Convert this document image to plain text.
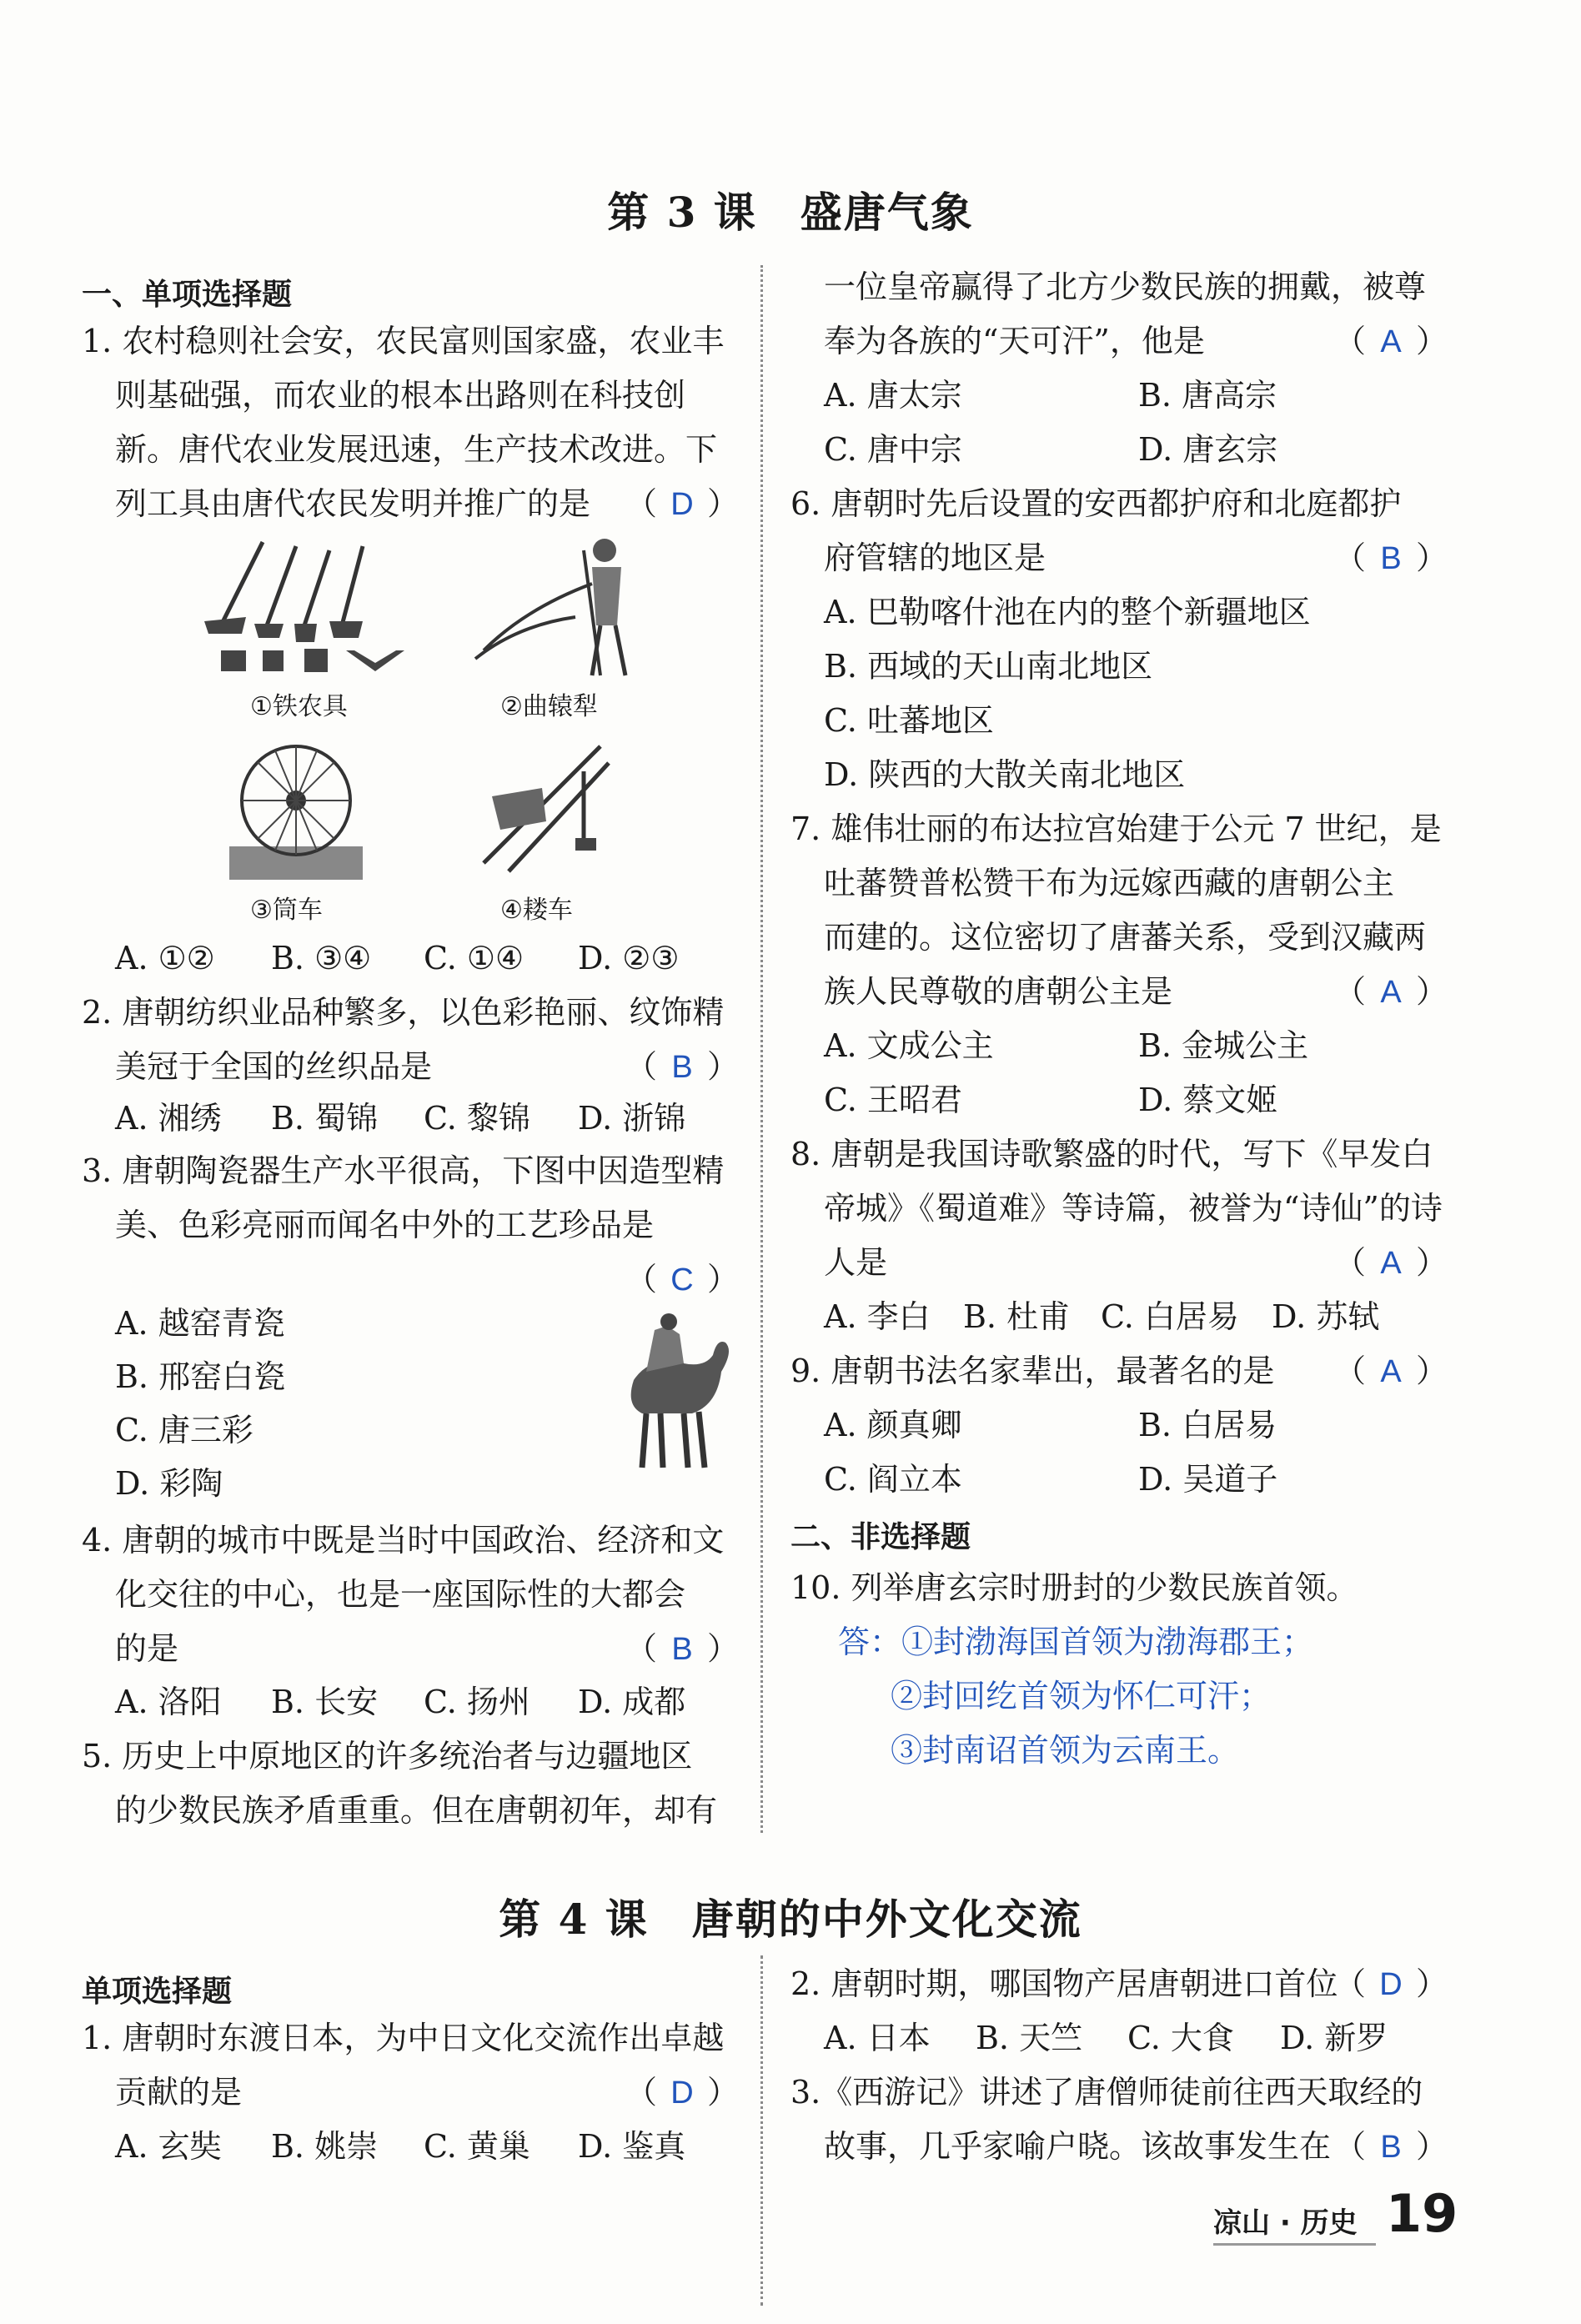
第 3 课　盛唐气象
一、单项选择题
1. 农村稳则社会安，农民富则国家盛，农业丰
则基础强，而农业的根本出路则在科技创
新。唐代农业发展迅速，生产技术改进。下
列工具由唐代农民发明并推广的是 （ D ）
①铁农具	②曲辕犁
③筒车	④耧车
A. ①② B. ③④ C. ①④ D. ②③
2. 唐朝纺织业品种繁多，以色彩艳丽、纹饰精
美冠于全国的丝织品是	（ B ）
A. 湘绣 B. 蜀锦 C. 黎锦 D. 浙锦
3. 唐朝陶瓷器生产水平很高，下图中因造型精
美、色彩亮丽而闻名中外的工艺珍品是
（ C ）
A. 越窑青瓷
B. 邢窑白瓷
C. 唐三彩
D. 彩陶
4. 唐朝的城市中既是当时中国政治、经济和文
化交往的中心，也是一座国际性的大都会
的是	（ B ）
A. 洛阳 B. 长安 C. 扬州 D. 成都
5. 历史上中原地区的许多统治者与边疆地区
的少数民族矛盾重重。但在唐朝初年，却有
一位皇帝赢得了北方少数民族的拥戴，被尊
奉为各族的“天可汗”，他是	（ A ）
A. 唐太宗	B. 唐高宗
C. 唐中宗	D. 唐玄宗
6. 唐朝时先后设置的安西都护府和北庭都护
府管辖的地区是	（ B ）
A. 巴勒喀什池在内的整个新疆地区
B. 西域的天山南北地区
C. 吐蕃地区
D. 陕西的大散关南北地区
7. 雄伟壮丽的布达拉宫始建于公元 7 世纪，是
吐蕃赞普松赞干布为远嫁西藏的唐朝公主
而建的。这位密切了唐蕃关系，受到汉藏两
族人民尊敬的唐朝公主是	（ A ）
A. 文成公主	B. 金城公主
C. 王昭君	D. 蔡文姬
8. 唐朝是我国诗歌繁盛的时代，写下《早发白
帝城》《蜀道难》等诗篇，被誉为“诗仙”的诗
人是	（ A ）
A. 李白 B. 杜甫 C. 白居易 D. 苏轼
9. 唐朝书法名家辈出，最著名的是 （ A ）
A. 颜真卿	B. 白居易
C. 阎立本	D. 吴道子
二、非选择题
10. 列举唐玄宗时册封的少数民族首领。
答：①封渤海国首领为渤海郡王；
②封回纥首领为怀仁可汗；
③封南诏首领为云南王。
第 4 课　唐朝的中外文化交流
单项选择题
1. 唐朝时东渡日本，为中日文化交流作出卓越
贡献的是	（ D ）
A. 玄奘 B. 姚崇 C. 黄巢 D. 鉴真
2. 唐朝时期，哪国物产居唐朝进口首位
（ D ）
A. 日本 B. 天竺 C. 大食 D. 新罗
3.《西游记》讲述了唐僧师徒前往西天取经的
故事，几乎家喻户晓。该故事发生在 （ B ）
凉山 · 历史 19
